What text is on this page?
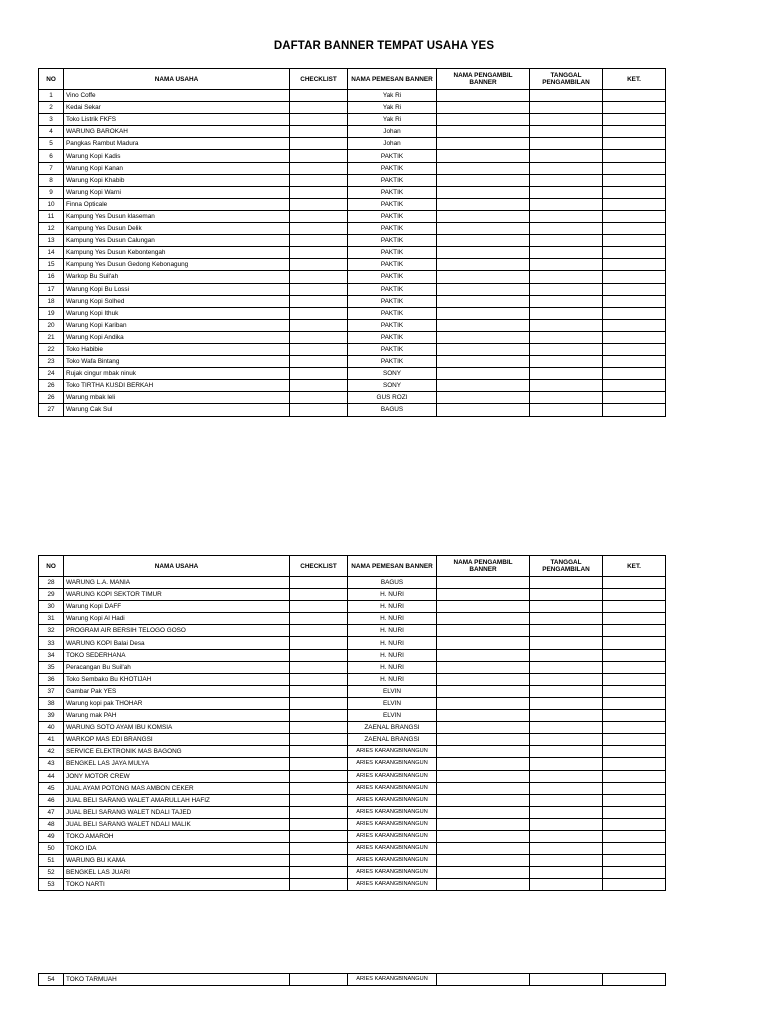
DAFTAR BANNER TEMPAT USAHA YES
NO	NAMA USAHA	CHECKLIST	NAMA PEMESAN BANNER	NAMA PENGAMBIL BANNER	TANGGAL PENGAMBILAN	KET.
1	Vino Coffe		Yak Ri			
2	Kedai Sekar		Yak Ri			
3	Toko Listrik FKFS		Yak Ri			
4	WARUNG BAROKAH		Johan			
5	Pangkas Rambut Madura		Johan			
6	Warung Kopi Kadis		PAKTIK			
7	Warung Kopi Kanan		PAKTIK			
8	Warung Kopi Khabib		PAKTIK			
9	Warung Kopi Warni		PAKTIK			
10	Finna Opticale		PAKTIK			
11	Kampung Yes Dusun klaseman		PAKTIK			
12	Kampung Yes Dusun Delik		PAKTIK			
13	Kampung Yes Dusun Calungan		PAKTIK			
14	Kampung Yes Dusun Kebontengah		PAKTIK			
15	Kampung Yes Dusun Gedong Kebonagung		PAKTIK			
16	Warkop Bu Suil'ah		PAKTIK			
17	Warung Kopi Bu Lossi		PAKTIK			
18	Warung Kopi Solhed		PAKTIK			
19	Warung Kopi Ithuk		PAKTIK			
20	Warung Kopi Kariban		PAKTIK			
21	Warung Kopi Andika		PAKTIK			
22	Toko Habibie		PAKTIK			
23	Toko Wafa Bintang		PAKTIK			
24	Rujak cingur mbak ninuk		SONY			
26	Toko TIRTHA KUSDI BERKAH		SONY			
26	Warung mbak leli		GUS ROZI			
27	Warung Cak Sul		BAGUS			
NO	NAMA USAHA	CHECKLIST	NAMA PEMESAN BANNER	NAMA PENGAMBIL BANNER	TANGGAL PENGAMBILAN	KET.
28	WARUNG L.A. MANIA		BAGUS			
29	WARUNG KOPI SEKTOR TIMUR		H. NURI			
30	Warung Kopi DAFF		H. NURI			
31	Warung Kopi Al Hadi		H. NURI			
32	PROGRAM AIR BERSIH TELOGO GOSO		H. NURI			
33	WARUNG KOPI Balai Desa		H. NURI			
34	TOKO SEDERHANA		H. NURI			
35	Peracangan Bu Suil'ah		H. NURI			
36	Toko Sembako Bu KHOTIJAH		H. NURI			
37	Gambar Pak YES		ELVIN			
38	Warung kopi pak THOHAR		ELVIN			
39	Warung mak PAH		ELVIN			
40	WARUNG SOTO AYAM IBU KOMSIA		ZAENAL BRANGSI			
41	WARKOP MAS EDI BRANGSI		ZAENAL BRANGSI			
42	SERVICE ELEKTRONIK MAS BAGONG		ARIES KARANGBINANGUN			
43	BENGKEL LAS JAYA MULYA		ARIES KARANGBINANGUN			
44	JONY MOTOR CREW		ARIES KARANGBINANGUN			
45	JUAL AYAM POTONG MAS AMBON CEKER		ARIES KARANGBINANGUN			
46	JUAL BELI SARANG WALET AMARULLAH HAFIZ		ARIES KARANGBINANGUN			
47	JUAL BELI SARANG WALET NDALI TAJED		ARIES KARANGBINANGUN			
48	JUAL BELI SARANG WALET NDALI MALIK		ARIES KARANGBINANGUN			
49	TOKO AMAROH		ARIES KARANGBINANGUN			
50	TOKO IDA		ARIES KARANGBINANGUN			
51	WARUNG BU KAMA		ARIES KARANGBINANGUN			
52	BENGKEL LAS JUARI		ARIES KARANGBINANGUN			
53	TOKO NARTI		ARIES KARANGBINANGUN			
54	TOKO TARMUAH		ARIES KARANGBINANGUN			
